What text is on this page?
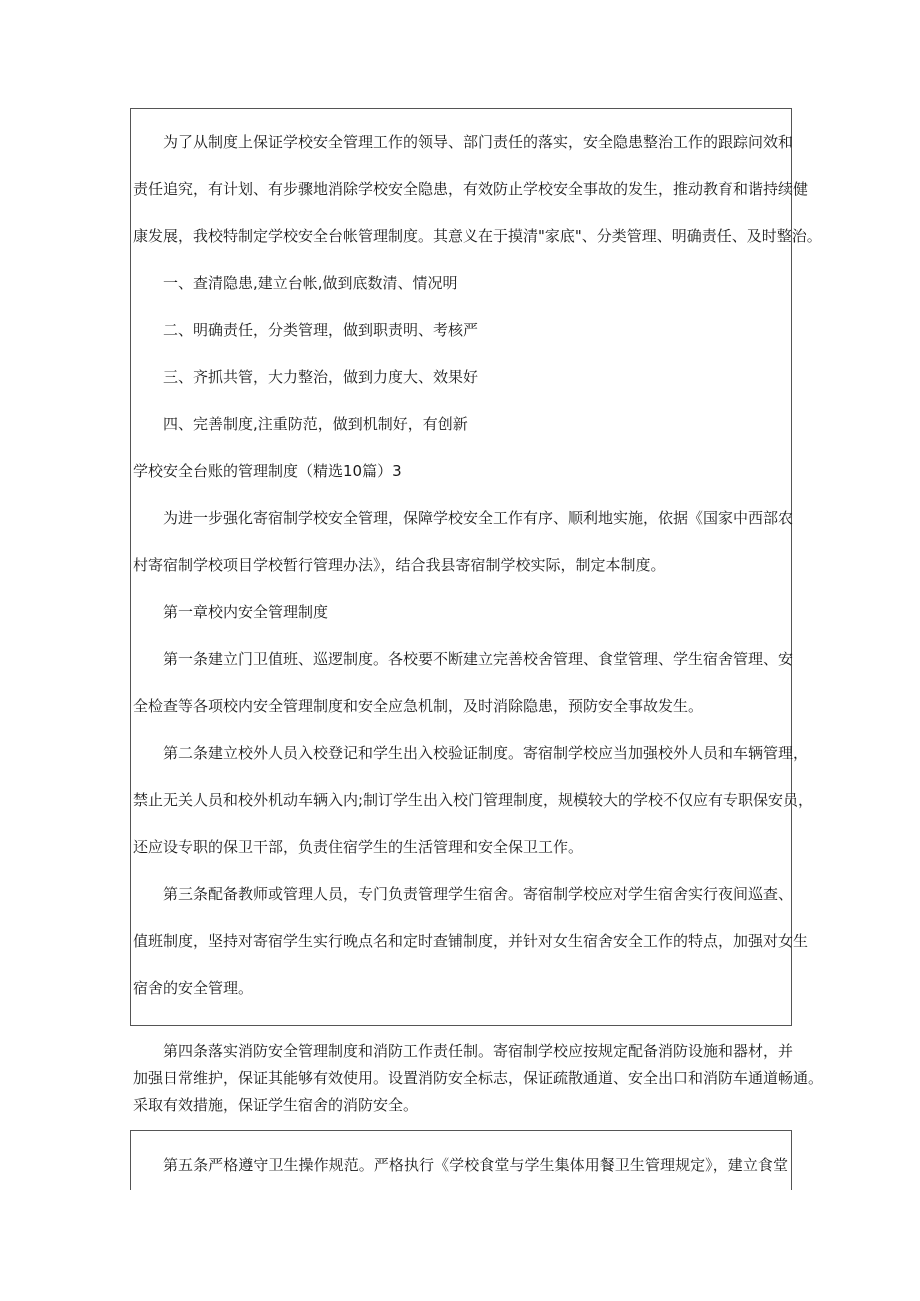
为了从制度上保证学校安全管理工作的领导、部门责任的落实，安全隐患整治工作的跟踪问效和
责任追究，有计划、有步骤地消除学校安全隐患，有效防止学校安全事故的发生，推动教育和谐持续健
康发展，我校特制定学校安全台帐管理制度。其意义在于摸清"家底"、分类管理、明确责任、及时整治。
一、查清隐患,建立台帐,做到底数清、情况明
二、明确责任，分类管理，做到职责明、考核严
三、齐抓共管，大力整治，做到力度大、效果好
四、完善制度,注重防范，做到机制好，有创新
学校安全台账的管理制度（精选10篇）3
为进一步强化寄宿制学校安全管理，保障学校安全工作有序、顺利地实施，依据《国家中西部农
村寄宿制学校项目学校暂行管理办法》，结合我县寄宿制学校实际，制定本制度。
第一章校内安全管理制度
第一条建立门卫值班、巡逻制度。各校要不断建立完善校舍管理、食堂管理、学生宿舍管理、安
全检查等各项校内安全管理制度和安全应急机制，及时消除隐患，预防安全事故发生。
第二条建立校外人员入校登记和学生出入校验证制度。寄宿制学校应当加强校外人员和车辆管理，
禁止无关人员和校外机动车辆入内;制订学生出入校门管理制度，规模较大的学校不仅应有专职保安员，
还应设专职的保卫干部，负责住宿学生的生活管理和安全保卫工作。
第三条配备教师或管理人员，专门负责管理学生宿舍。寄宿制学校应对学生宿舍实行夜间巡查、
值班制度，坚持对寄宿学生实行晚点名和定时查铺制度，并针对女生宿舍安全工作的特点，加强对女生
宿舍的安全管理。
第四条落实消防安全管理制度和消防工作责任制。寄宿制学校应按规定配备消防设施和器材，并
加强日常维护，保证其能够有效使用。设置消防安全标志，保证疏散通道、安全出口和消防车通道畅通。
采取有效措施，保证学生宿舍的消防安全。
第五条严格遵守卫生操作规范。严格执行《学校食堂与学生集体用餐卫生管理规定》，建立食堂
